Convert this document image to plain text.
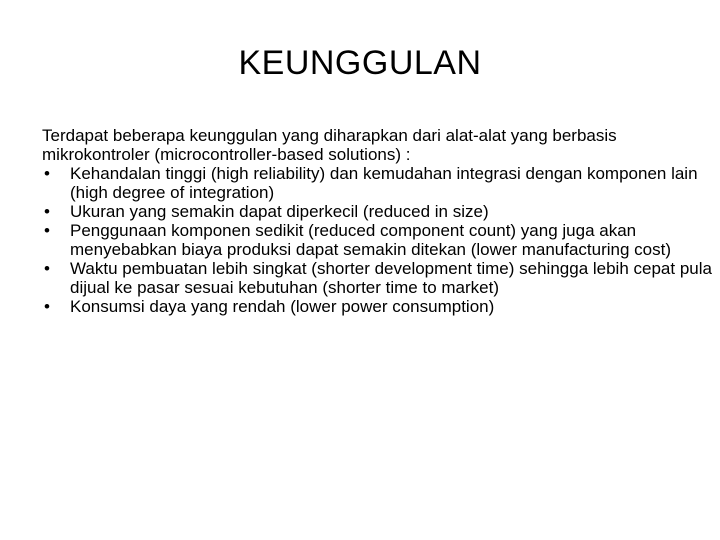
KEUNGGULAN

Terdapat beberapa keunggulan yang diharapkan dari alat-alat yang berbasis mikrokontroler (microcontroller-based solutions) :

•	Kehandalan tinggi (high reliability) dan kemudahan integrasi dengan komponen lain (high degree of integration)
•	Ukuran yang semakin dapat diperkecil (reduced in size)
•	Penggunaan komponen sedikit (reduced component count) yang juga akan menyebabkan biaya produksi dapat semakin ditekan (lower manufacturing cost)
•	Waktu pembuatan lebih singkat (shorter development time) sehingga lebih cepat pula dijual ke pasar sesuai kebutuhan (shorter time to market)
•	Konsumsi daya yang rendah (lower power consumption)
